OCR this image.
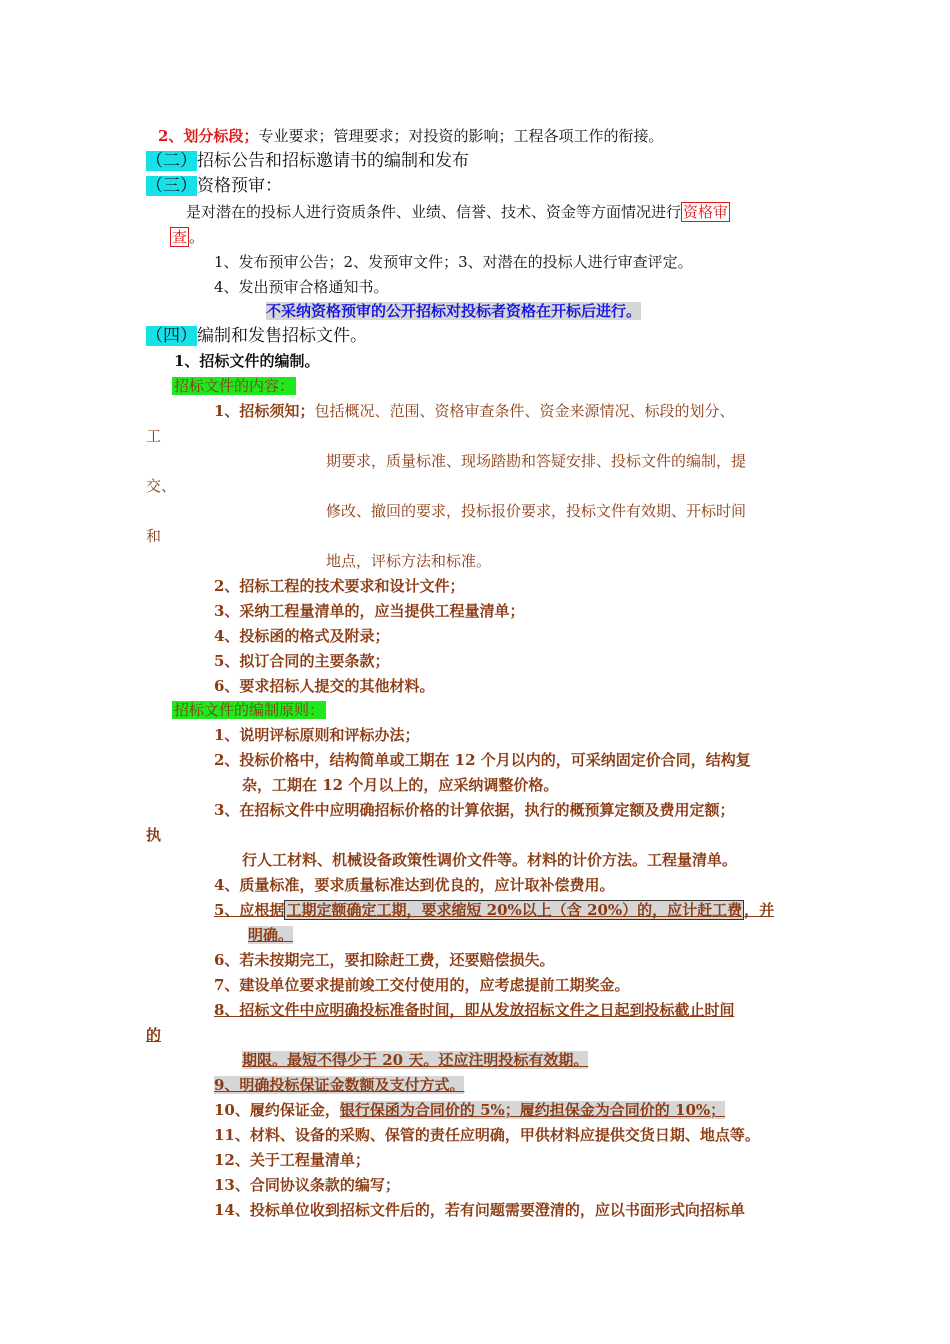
2、划分标段；专业要求；管理要求；对投资的影响；工程各项工作的衔接。
（二）招标公告和招标邀请书的编制和发布
（三）资格预审：
是对潜在的投标人进行资质条件、业绩、信誉、技术、资金等方面情况进行 资格审
查 。
1、发布预审公告；2、发预审文件；3、对潜在的投标人进行审查评定。
4、发出预审合格通知书。
不采纳资格预审的公开招标对投标者资格在开标后进行。
（四）编制和发售招标文件。
1、招标文件的编制。
招标文件的内容：
1、招标须知；包括概况、范围、资格审查条件、资金来源情况、标段的划分、
工
期要求，质量标准、现场踏勘和答疑安排、投标文件的编制，提
交、
修改、撤回的要求，投标报价要求，投标文件有效期、开标时间
和
地点，评标方法和标准。
2、招标工程的技术要求和设计文件；
3、采纳工程量清单的，应当提供工程量清单；
4、投标函的格式及附录；
5、拟订合同的主要条款；
6、要求招标人提交的其他材料。
招标文件的编制原则：
1、说明评标原则和评标办法；
2、投标价格中，结构简单或工期在 12 个月以内的，可采纳固定价合同，结构复
杂，工期在 12 个月以上的，应采纳调整价格。
3、在招标文件中应明确招标价格的计算依据，执行的概预算定额及费用定额；
执
行人工材料、机械设备政策性调价文件等。材料的计价方法。工程量清单。
4、质量标准，要求质量标准达到优良的，应计取补偿费用。
5、应根据 工期定额确定工期，要求缩短 20%以上（含 20%）的，应计赶工费 ，并
明确。
6、若未按期完工，要扣除赶工费，还要赔偿损失。
7、建设单位要求提前竣工交付使用的，应考虑提前工期奖金。
8、招标文件中应明确投标准备时间，即从发放招标文件之日起到投标截止时间
的
期限。最短不得少于 20 天。还应注明投标有效期。
9、明确投标保证金数额及支付方式。
10、履约保证金，银行保函为合同价的 5%；履约担保金为合同价的 10%；
11、材料、设备的采购、保管的责任应明确，甲供材料应提供交货日期、地点等。
12、关于工程量清单；
13、合同协议条款的编写；
14、投标单位收到招标文件后的，若有问题需要澄清的，应以书面形式向招标单
